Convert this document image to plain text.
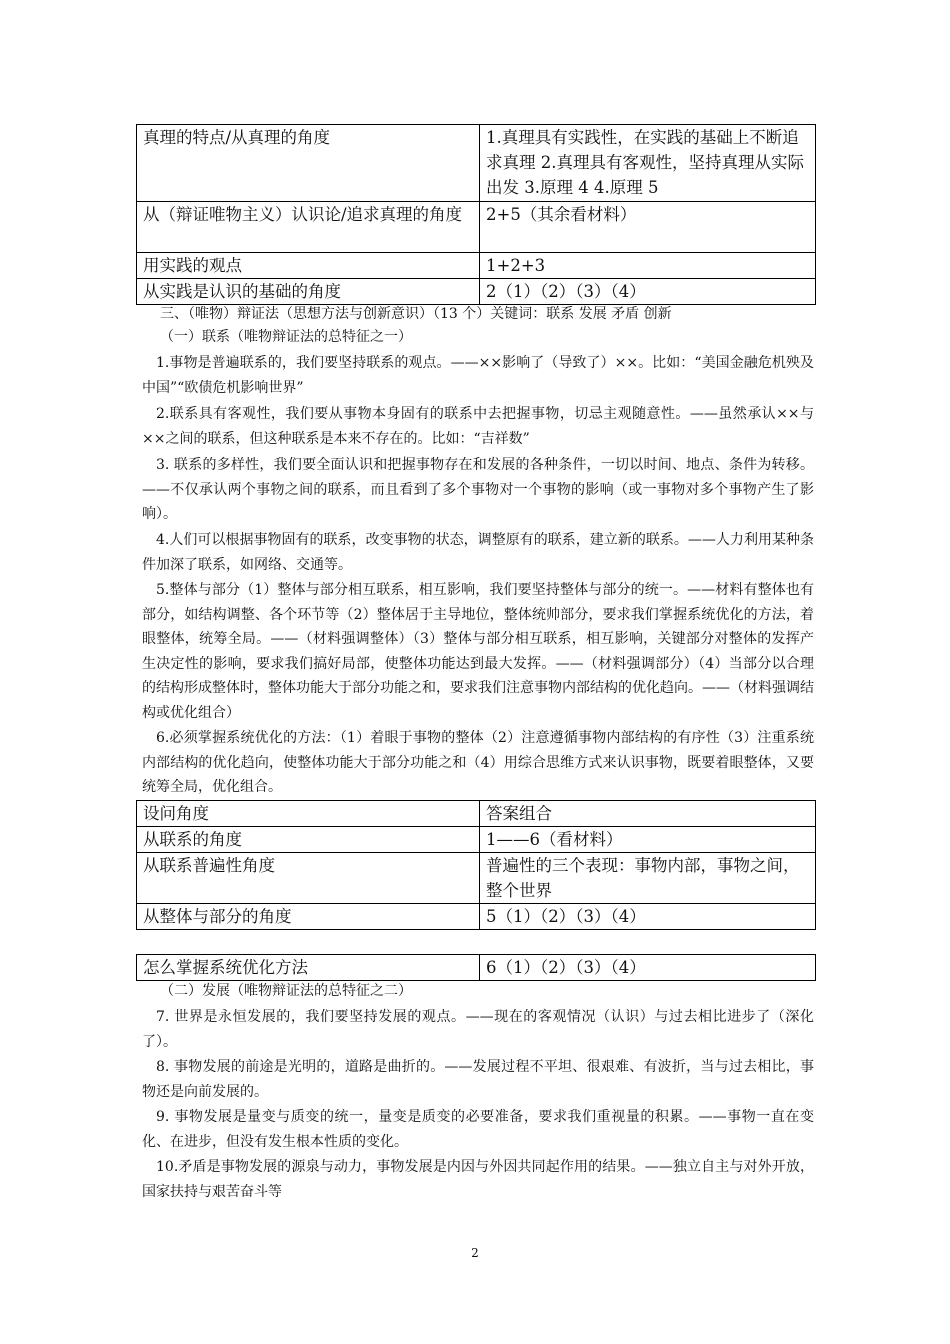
真理的特点/从真理的角度	1.真理具有实践性，在实践的基础上不断追求真理 2.真理具有客观性，坚持真理从实际出发 3.原理 4 4.原理 5
从（辩证唯物主义）认识论/追求真理的角度	2+5（其余看材料）
用实践的观点	1+2+3
从实践是认识的基础的角度	2（1）（2）（3）（4）
三、（唯物）辩证法（思想方法与创新意识）（13 个）关键词：联系 发展 矛盾 创新
（一）联系（唯物辩证法的总特征之一）
1.事物是普遍联系的，我们要坚持联系的观点。——××影响了（导致了）××。比如：“美国金融危机殃及中国”“欧债危机影响世界”
2.联系具有客观性，我们要从事物本身固有的联系中去把握事物，切忌主观随意性。——虽然承认××与××之间的联系，但这种联系是本来不存在的。比如：“吉祥数”
3. 联系的多样性，我们要全面认识和把握事物存在和发展的各种条件，一切以时间、地点、条件为转移。——不仅承认两个事物之间的联系，而且看到了多个事物对一个事物的影响（或一事物对多个事物产生了影响）。
4.人们可以根据事物固有的联系，改变事物的状态，调整原有的联系，建立新的联系。——人力利用某种条件加深了联系，如网络、交通等。
5.整体与部分（1）整体与部分相互联系，相互影响，我们要坚持整体与部分的统一。——材料有整体也有部分，如结构调整、各个环节等（2）整体居于主导地位，整体统帅部分，要求我们掌握系统优化的方法，着眼整体，统筹全局。——（材料强调整体）（3）整体与部分相互联系，相互影响，关键部分对整体的发挥产生决定性的影响，要求我们搞好局部，使整体功能达到最大发挥。——（材料强调部分）（4）当部分以合理的结构形成整体时，整体功能大于部分功能之和，要求我们注意事物内部结构的优化趋向。——（材料强调结构或优化组合）
6.必须掌握系统优化的方法：（1）着眼于事物的整体（2）注意遵循事物内部结构的有序性（3）注重系统内部结构的优化趋向，使整体功能大于部分功能之和（4）用综合思维方式来认识事物，既要着眼整体，又要统筹全局，优化组合。
设问角度	答案组合
从联系的角度	1——6（看材料）
从联系普遍性角度	普遍性的三个表现：事物内部，事物之间，整个世界
从整体与部分的角度	5（1）（2）（3）（4）
怎么掌握系统优化方法	6（1）（2）（3）（4）
（二）发展（唯物辩证法的总特征之二）
7. 世界是永恒发展的，我们要坚持发展的观点。——现在的客观情况（认识）与过去相比进步了（深化了）。
8. 事物发展的前途是光明的，道路是曲折的。——发展过程不平坦、很艰难、有波折，当与过去相比，事物还是向前发展的。
9. 事物发展是量变与质变的统一，量变是质变的必要准备，要求我们重视量的积累。——事物一直在变化、在进步，但没有发生根本性质的变化。
10.矛盾是事物发展的源泉与动力，事物发展是内因与外因共同起作用的结果。——独立自主与对外开放，国家扶持与艰苦奋斗等
2
